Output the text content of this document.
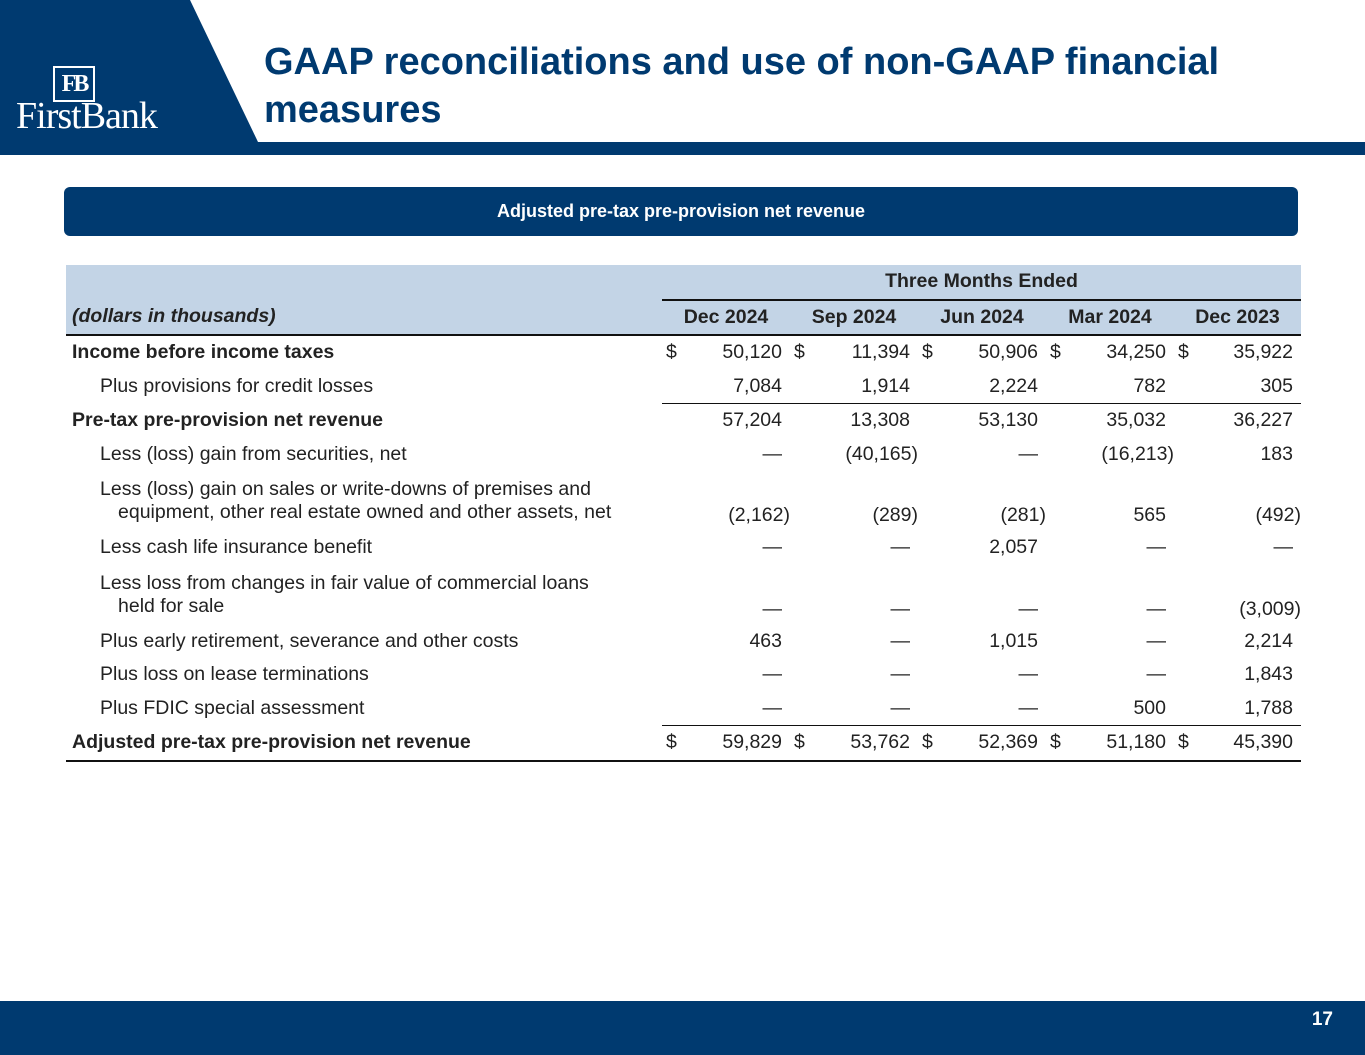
FB
FirstBank
GAAP reconciliations and use of non-GAAP financial measures
Adjusted pre-tax pre-provision net revenue
	Three Months Ended									
(dollars in thousands)	Dec 2024		Sep 2024		Jun 2024		Mar 2024		Dec 2023	
Income before income taxes	$	50,120	$	11,394	$	50,906	$	34,250	$	35,922
Plus provisions for credit losses		7,084		1,914		2,224		782		305
Pre-tax pre-provision net revenue		57,204		13,308		53,130		35,032		36,227
Less (loss) gain from securities, net		—		(40,165)		—		(16,213)		183
Less (loss) gain on sales or write-downs of premises and
equipment, other real estate owned and other assets, net		(2,162)		(289)		(281)		565		(492)
Less cash life insurance benefit		—		—		2,057		—		—
Less loss from changes in fair value of commercial loans
held for sale		—		—		—		—		(3,009)
Plus early retirement, severance and other costs		463		—		1,015		—		2,214
Plus loss on lease terminations		—		—		—		—		1,843
Plus FDIC special assessment		—		—		—		500		1,788
Adjusted pre-tax pre-provision net revenue	$	59,829	$	53,762	$	52,369	$	51,180	$	45,390
17
